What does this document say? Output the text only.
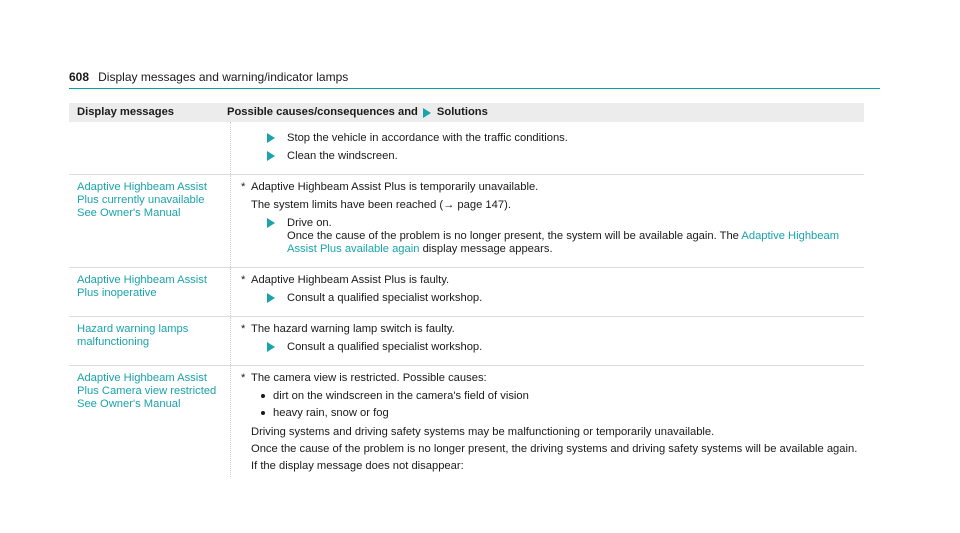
608 Display messages and warning/indicator lamps
Display messages	Possible causes/consequences and Solutions
Stop the vehicle in accordance with the traffic conditions.
Clean the windscreen.
Adaptive Highbeam Assist Plus currently unavailable See Owner's Manual
* Adaptive Highbeam Assist Plus is temporarily unavailable.
The system limits have been reached (→ page 147).
Drive on.
Once the cause of the problem is no longer present, the system will be available again. The Adaptive Highbeam Assist Plus available again display message appears.
Adaptive Highbeam Assist Plus inoperative
* Adaptive Highbeam Assist Plus is faulty.
Consult a qualified specialist workshop.
Hazard warning lamps malfunctioning
* The hazard warning lamp switch is faulty.
Consult a qualified specialist workshop.
Adaptive Highbeam Assist Plus Camera view restricted See Owner's Manual
* The camera view is restricted. Possible causes:
dirt on the windscreen in the camera's field of vision
heavy rain, snow or fog
Driving systems and driving safety systems may be malfunctioning or temporarily unavailable.
Once the cause of the problem is no longer present, the driving systems and driving safety systems will be available again.
If the display message does not disappear:
